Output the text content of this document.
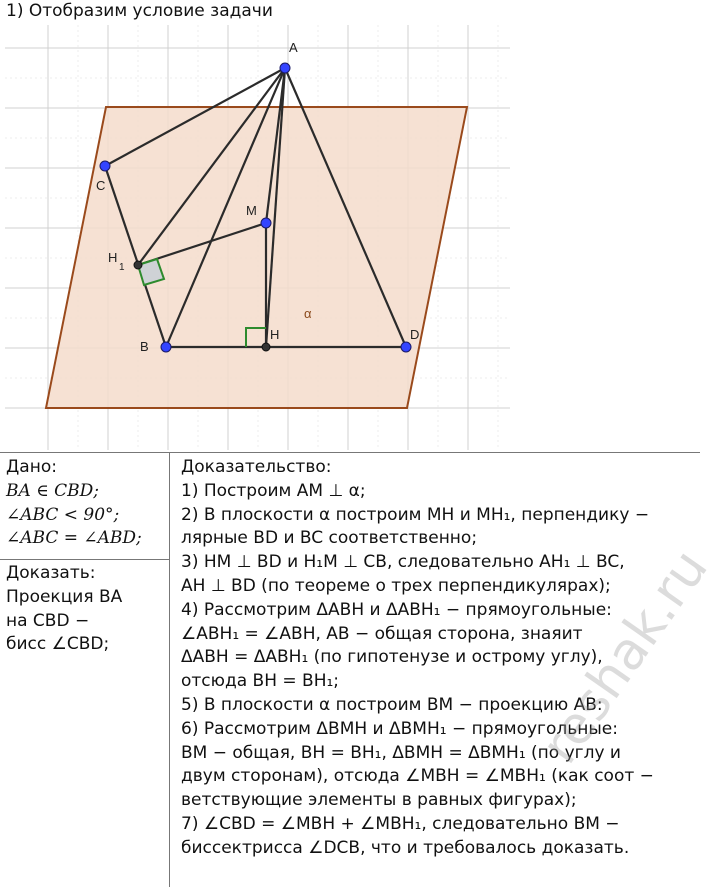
1) Отобразим условие задачи
A
C
M
H
1
B
H	D
α
Дано:
BA ∈ CBD;
∠ABC < 90°;
∠ABC = ∠ABD;
Доказать:
Проекция BA
на CBD −
бисс ∠CBD;
Доказательство:
1) Построим AM ⊥ α;
2) В плоскости α построим MH и MH₁, перпендику −
лярные BD и BC соответственно;
3) HM ⊥ BD и H₁M ⊥ CB, следовательно AH₁ ⊥ BC,
AH ⊥ BD (по теореме о трех перпендикулярах);
4) Рассмотрим ΔABH и ΔABH₁ − прямоугольные:
∠ABH₁ = ∠ABH, AB − общая сторона, знаяит
ΔABH = ΔABH₁ (по гипотенузе и острому углу),
отсюда BH = BH₁;
5) В плоскости α построим BM − проекцию AB:
6) Рассмотрим ΔBMH и ΔBMH₁ − прямоугольные:
BM − общая, BH = BH₁, ΔBMH = ΔBMH₁ (по углу и
двум сторонам), отсюда ∠MBH = ∠MBH₁ (как соот −
ветствующие элементы в равных фигурах);
7) ∠CBD = ∠MBH + ∠MBH₁, следовательно BM −
биссектрисса ∠DCB, что и требовалось доказать.
reshak.ru
